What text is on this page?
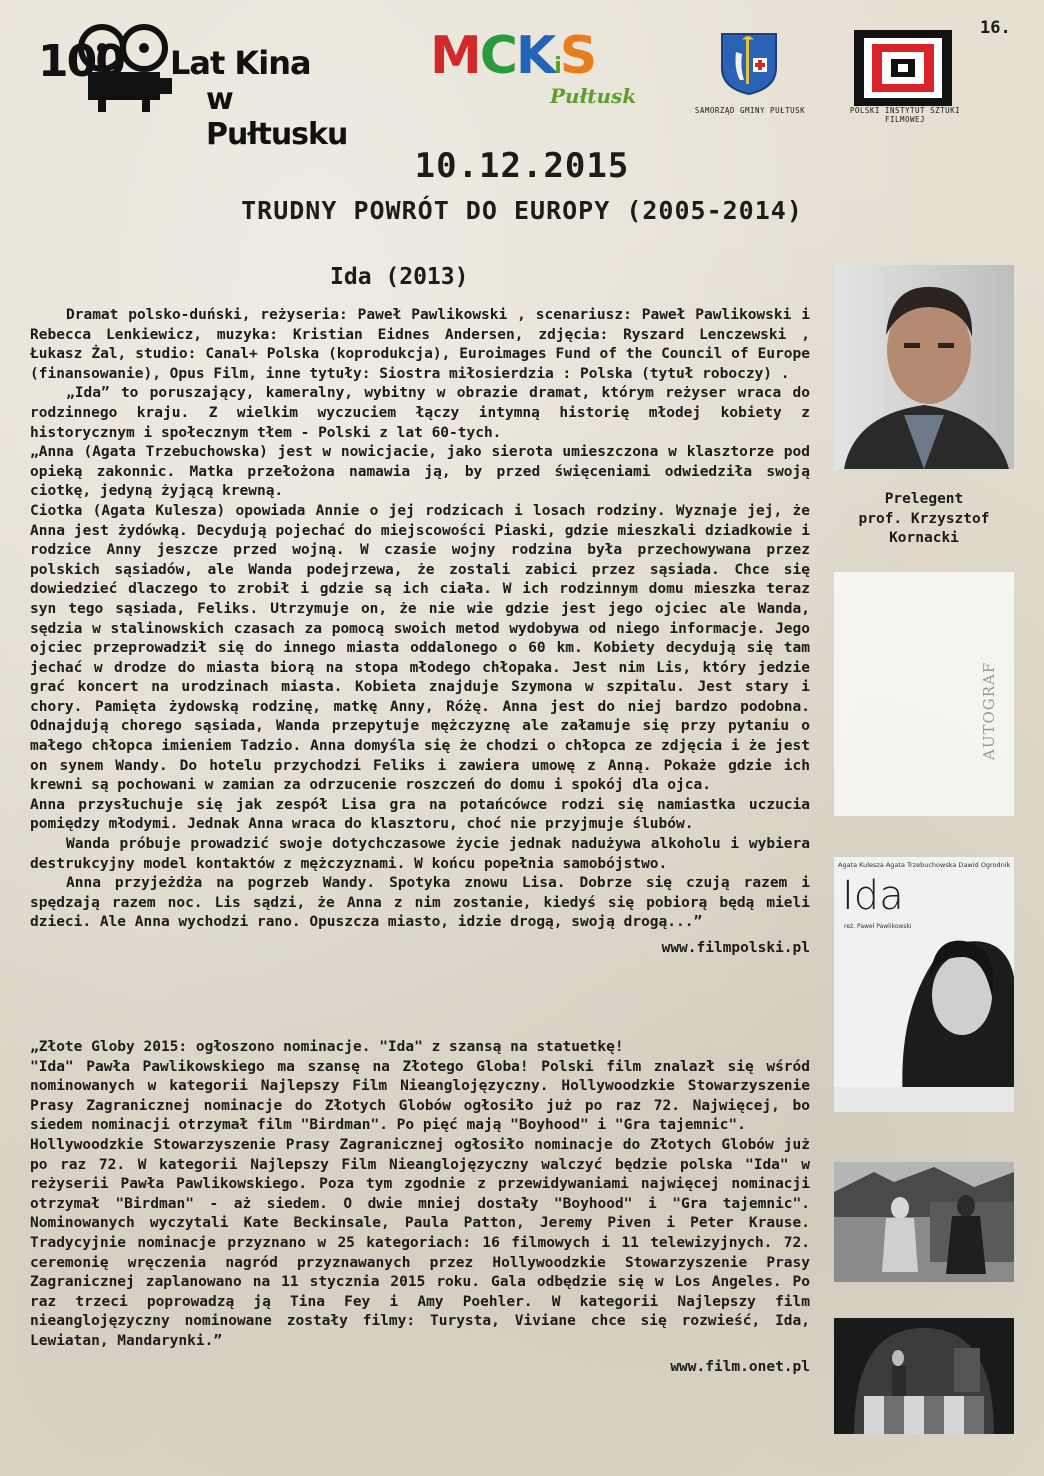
16.
100 Lat Kina
w Pułtusku
MCKiS
Pułtusk
SAMORZĄD GMINY PUŁTUSK	POLSKI INSTYTUT SZTUKI FILMOWEJ
10.12.2015
TRUDNY POWRÓT DO EUROPY (2005-2014)
Ida (2013)

Dramat polsko-duński, reżyseria: Paweł Pawlikowski , scenariusz: Paweł Pawlikowski i Rebecca Lenkiewicz, muzyka: Kristian Eidnes Andersen, zdjęcia: Ryszard Lenczewski , Łukasz Żal, studio: Canal+ Polska (koprodukcja), Euroimages Fund of the Council of Europe (finansowanie), Opus Film, inne tytuły: Siostra miłosierdzia : Polska (tytuł roboczy) .

„Ida” to poruszający, kameralny, wybitny w obrazie dramat, którym reżyser wraca do rodzinnego kraju. Z wielkim wyczuciem łączy intymną historię młodej kobiety z historycznym i społecznym tłem - Polski z lat 60-tych.

„Anna (Agata Trzebuchowska) jest w nowicjacie, jako sierota umieszczona w klasztorze pod opieką zakonnic. Matka przełożona namawia ją, by przed święceniami odwiedziła swoją ciotkę, jedyną żyjącą krewną.

Ciotka (Agata Kulesza) opowiada Annie o jej rodzicach i losach rodziny. Wyznaje jej, że Anna jest żydówką. Decydują pojechać do miejscowości Piaski, gdzie mieszkali dziadkowie i rodzice Anny jeszcze przed wojną. W czasie wojny rodzina była przechowywana przez polskich sąsiadów, ale Wanda podejrzewa, że zostali zabici przez sąsiada. Chce się dowiedzieć dlaczego to zrobił i gdzie są ich ciała. W ich rodzinnym domu mieszka teraz syn tego sąsiada, Feliks. Utrzymuje on, że nie wie gdzie jest jego ojciec ale Wanda, sędzia w stalinowskich czasach za pomocą swoich metod wydobywa od niego informacje. Jego ojciec przeprowadził się do innego miasta oddalonego o 60 km. Kobiety decydują się tam jechać w drodze do miasta biorą na stopa młodego chłopaka. Jest nim Lis, który jedzie grać koncert na urodzinach miasta. Kobieta znajduje Szymona w szpitalu. Jest stary i chory. Pamięta żydowską rodzinę, matkę Anny, Różę. Anna jest do niej bardzo podobna. Odnajdują chorego sąsiada, Wanda przepytuje mężczyznę ale załamuje się przy pytaniu o małego chłopca imieniem Tadzio. Anna domyśla się że chodzi o chłopca ze zdjęcia i że jest on synem Wandy. Do hotelu przychodzi Feliks i zawiera umowę z Anną. Pokaże gdzie ich krewni są pochowani w zamian za odrzucenie roszczeń do domu i spokój dla ojca.

Anna przysłuchuje się jak zespół Lisa gra na potańcówce rodzi się namiastka uczucia pomiędzy młodymi. Jednak Anna wraca do klasztoru, choć nie przyjmuje ślubów.

Wanda próbuje prowadzić swoje dotychczasowe życie jednak nadużywa alkoholu i wybiera destrukcyjny model kontaktów z mężczyznami. W końcu popełnia samobójstwo.

Anna przyjeżdża na pogrzeb Wandy. Spotyka znowu Lisa. Dobrze się czują razem i spędzają razem noc. Lis sądzi, że Anna z nim zostanie, kiedyś się pobiorą będą mieli dzieci. Ale Anna wychodzi rano. Opuszcza miasto, idzie drogą, swoją drogą...”

www.filmpolski.pl

„Złote Globy 2015: ogłoszono nominacje. "Ida" z szansą na statuetkę!

"Ida" Pawła Pawlikowskiego ma szansę na Złotego Globa! Polski film znalazł się wśród nominowanych w kategorii Najlepszy Film Nieanglojęzyczny. Hollywoodzkie Stowarzyszenie Prasy Zagranicznej nominacje do Złotych Globów ogłosiło już po raz 72. Najwięcej, bo siedem nominacji otrzymał film "Birdman". Po pięć mają "Boyhood" i "Gra tajemnic".

Hollywoodzkie Stowarzyszenie Prasy Zagranicznej ogłosiło nominacje do Złotych Globów już po raz 72. W kategorii Najlepszy Film Nieanglojęzyczny walczyć będzie polska "Ida" w reżyserii Pawła Pawlikowskiego. Poza tym zgodnie z przewidywaniami najwięcej nominacji otrzymał "Birdman" - aż siedem. O dwie mniej dostały "Boyhood" i "Gra tajemnic". Nominowanych wyczytali Kate Beckinsale, Paula Patton, Jeremy Piven i Peter Krause. Tradycyjnie nominacje przyznano w 25 kategoriach: 16 filmowych i 11 telewizyjnych. 72. ceremonię wręczenia nagród przyznawanych przez Hollywoodzkie Stowarzyszenie Prasy Zagranicznej zaplanowano na 11 stycznia 2015 roku. Gala odbędzie się w Los Angeles. Po raz trzeci poprowadzą ją Tina Fey i Amy Poehler. W kategorii Najlepszy film nieanglojęzyczny nominowane zostały filmy: Turysta, Viviane chce się rozwieść, Ida, Lewiatan, Mandarynki.”

www.film.onet.pl

Prelegent
prof. Krzysztof Kornacki
AUTOGRAF
Agata Kulesza Agata Trzebuchowska Dawid Ogrodnik
Ida
reż. Paweł Pawlikowski
